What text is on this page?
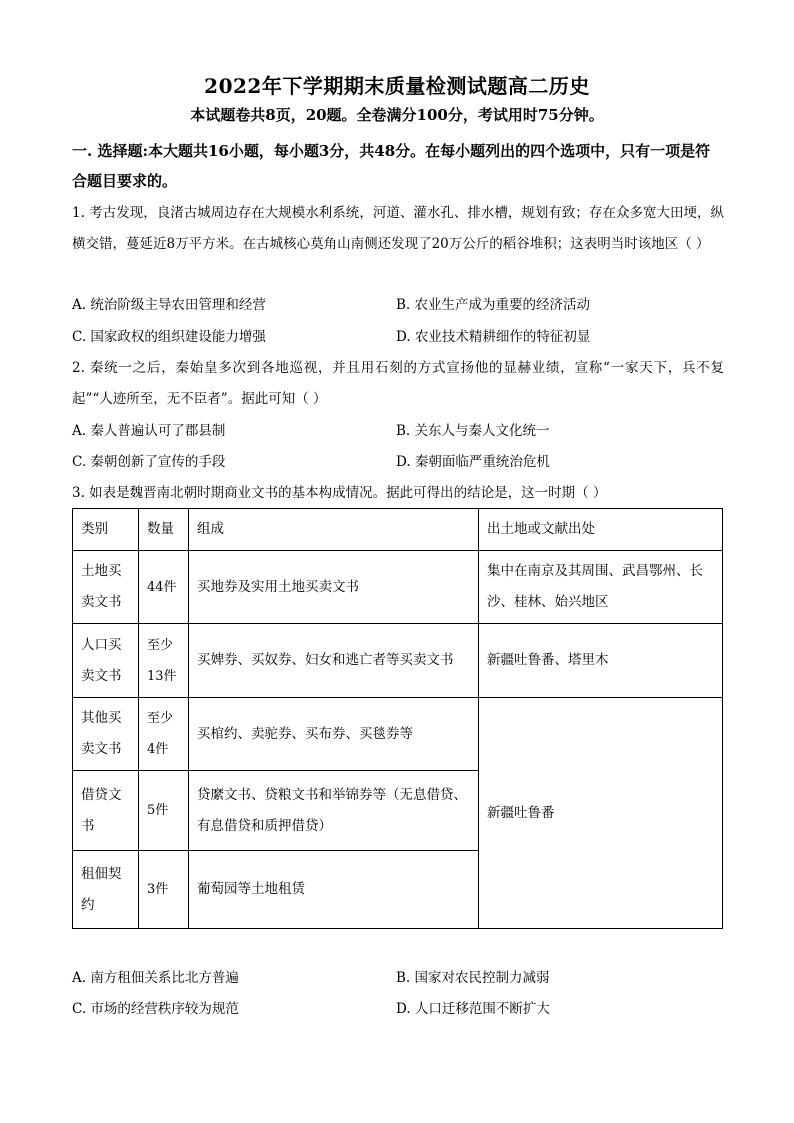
2022年下学期期末质量检测试题高二历史
本试题卷共8页，20题。全卷满分100分，考试用时75分钟。
一. 选择题:本大题共16小题，每小题3分，共48分。在每小题列出的四个选项中，只有一项是符合题目要求的。
1. 考古发现，良渚古城周边存在大规模水利系统，河道、灌水孔、排水槽，规划有致；存在众多宽大田埂，纵横交错，蔓延近8万平方米。在古城核心莫角山南侧还发现了20万公斤的稻谷堆积；这表明当时该地区（ ）
A. 统治阶级主导农田管理和经营	B. 农业生产成为重要的经济活动
C. 国家政权的组织建设能力增强	D. 农业技术精耕细作的特征初显
2. 秦统一之后，秦始皇多次到各地巡视，并且用石刻的方式宣扬他的显赫业绩，宣称“一家天下，兵不复起”“人迹所至，无不臣者”。据此可知（ ）
A. 秦人普遍认可了郡县制	B. 关东人与秦人文化统一
C. 秦朝创新了宣传的手段	D. 秦朝面临严重统治危机
3. 如表是魏晋南北朝时期商业文书的基本构成情况。据此可得出的结论是，这一时期（ ）
类别	数量	组成	出土地或文献出处
土地买卖文书	44件	买地券及实用土地买卖文书	集中在南京及其周围、武昌鄂州、长沙、桂林、始兴地区
人口买卖文书	至少13件	买婢券、买奴券、妇女和逃亡者等买卖文书	新疆吐鲁番、塔里木
其他买卖文书	至少4件	买棺约、卖驼券、买布券、买毯券等	新疆吐鲁番
借贷文书	5件	贷縻文书、贷粮文书和举锦券等（无息借贷、有息借贷和质押借贷）	
租佃契约	3件	葡萄园等土地租赁	
A. 南方租佃关系比北方普遍	B. 国家对农民控制力减弱
C. 市场的经营秩序较为规范	D. 人口迁移范围不断扩大
